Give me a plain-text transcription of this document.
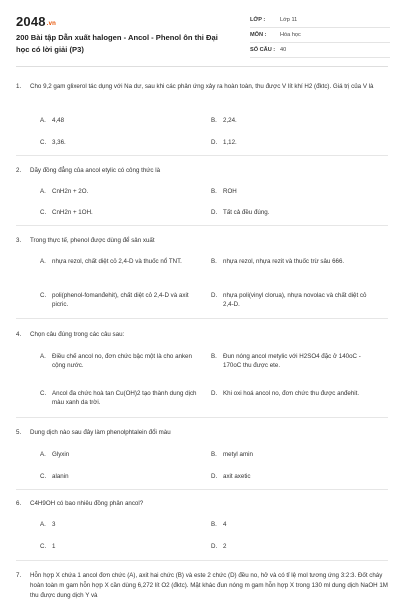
2048.vn
200 Bài tập Dẫn xuất halogen - Ancol - Phenol ôn thi Đại học có lời giải (P3)
LỚP :	Lớp 11
MÔN :	Hóa học
SỐ CÂU : 40
1.	Cho 9,2 gam glixerol tác dụng với Na dư, sau khi các phản ứng xảy ra hoàn toàn, thu được V lít khí H2 (đktc). Giá trị của V là
A. 4,48	B. 2,24.
C. 3,36.	D. 1,12.
2.	Dãy đồng đẳng của ancol etylic có công thức là
A. CnH2n + 2O.	B. ROH
C. CnH2n + 1OH.	D. Tất cả đều đúng.
3.	Trong thực tế, phenol được dùng để sản xuất
A. nhựa rezol, chất diệt cỏ 2,4-D và thuốc nổ TNT.	B. nhựa rezol, nhựa rezit và thuốc trừ sâu 666.
C. poli(phenol-fomanđehit), chất diệt cỏ 2,4-D và axit picric.
D. nhựa poli(vinyl clorua), nhựa novolac và chất diệt cỏ 2,4-D.
4.	Chọn câu đúng trong các câu sau:
A. Điều chế ancol no, đơn chức bậc một là cho anken cộng nước.
B. Đun nóng ancol metylic với H2SO4 đặc ở 140oC - 170oC thu được ete.
C. Ancol đa chức hoà tan Cu(OH)2 tạo thành dung dịch màu xanh da trời.
D. Khi oxi hoá ancol no, đơn chức thu được anđehit.
5.	Dung dịch nào sau đây làm phenolphtalein đổi màu
A. Glyxin	B. metyl amin
C. alanin	D. axit axetic
6.	C4H9OH có bao nhiêu đồng phân ancol?
A. 3	B. 4
C. 1	D. 2
7.	Hỗn hợp X chứa 1 ancol đơn chức (A), axit hai chức (B) và este 2 chức (D) đều no, hở và có tỉ lệ mol tương ứng 3:2:3. Đốt cháy hoàn toàn m gam hỗn hợp X cần dùng 6,272 lít O2 (đktc). Mặt khác đun nóng m gam hỗn hợp X trong 130 ml dung dịch NaOH 1M thu được dung dịch Y và
